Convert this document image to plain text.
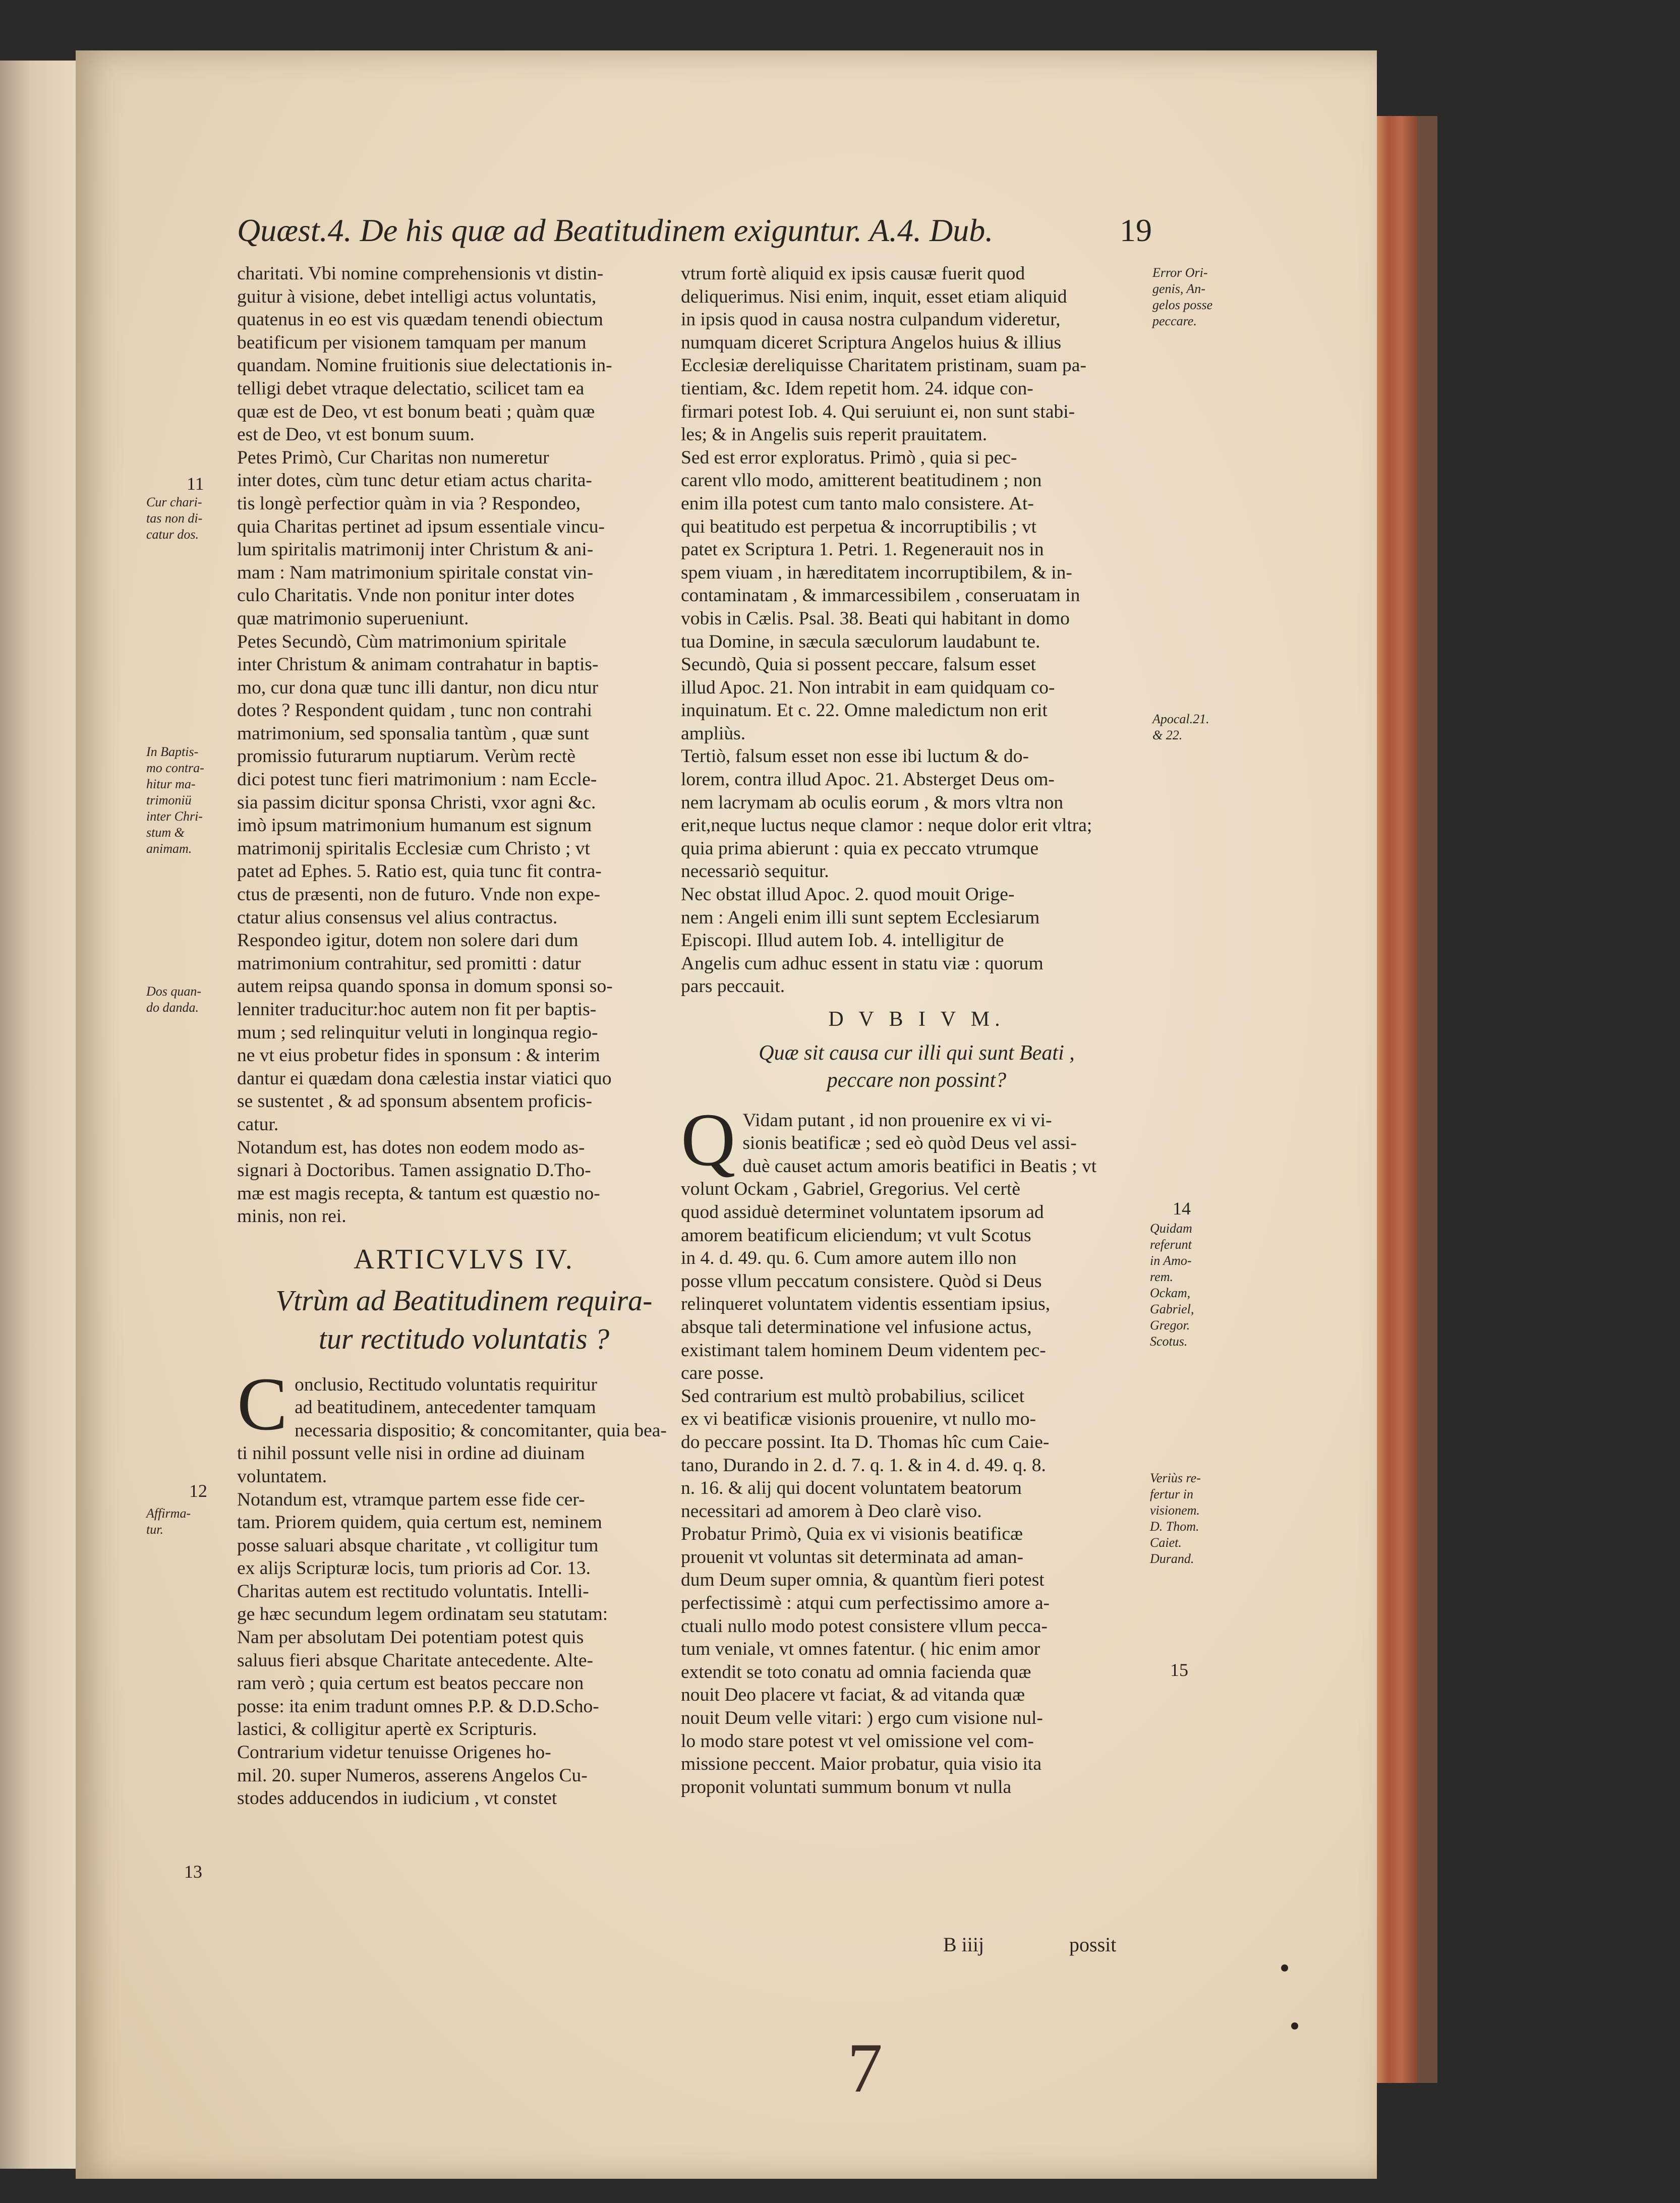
Quæst.4. De his quæ ad Beatitudinem exiguntur. A.4. Dub.	19
charitati. Vbi nomine comprehensionis vt distin-
guitur à visione, debet intelligi actus voluntatis,
quatenus in eo est vis quædam tenendi obiectum
beatificum per visionem tamquam per manum
quandam. Nomine fruitionis siue delectationis in-
telligi debet vtraque delectatio, scilicet tam ea
quæ est de Deo, vt est bonum beati ; quàm quæ
est de Deo, vt est bonum suum.
Petes Primò, Cur Charitas non numeretur
inter dotes, cùm tunc detur etiam actus charita-
tis longè perfectior quàm in via ? Respondeo,
quia Charitas pertinet ad ipsum essentiale vincu-
lum spiritalis matrimonij inter Christum & ani-
mam : Nam matrimonium spiritale constat vin-
culo Charitatis. Vnde non ponitur inter dotes
quæ matrimonio superueniunt.
Petes Secundò, Cùm matrimonium spiritale
inter Christum & animam contrahatur in baptis-
mo, cur dona quæ tunc illi dantur, non dicu ntur
dotes ? Respondent quidam , tunc non contrahi
matrimonium, sed sponsalia tantùm , quæ sunt
promissio futurarum nuptiarum. Verùm rectè
dici potest tunc fieri matrimonium : nam Eccle-
sia passim dicitur sponsa Christi, vxor agni &c.
imò ipsum matrimonium humanum est signum
matrimonij spiritalis Ecclesiæ cum Christo ; vt
patet ad Ephes. 5. Ratio est, quia tunc fit contra-
ctus de præsenti, non de futuro. Vnde non expe-
ctatur alius consensus vel alius contractus.
Respondeo igitur, dotem non solere dari dum
matrimonium contrahitur, sed promitti : datur
autem reipsa quando sponsa in domum sponsi so-
lenniter traducitur:hoc autem non fit per baptis-
mum ; sed relinquitur veluti in longinqua regio-
ne vt eius probetur fides in sponsum : & interim
dantur ei quædam dona cælestia instar viatici quo
se sustentet , & ad sponsum absentem proficis-
catur.
Notandum est, has dotes non eodem modo as-
signari à Doctoribus. Tamen assignatio D.Tho-
mæ est magis recepta, & tantum est quæstio no-
minis, non rei.
ARTICVLVS IV.
Vtrùm ad Beatitudinem requira-
tur rectitudo voluntatis ?
C onclusio, Rectitudo voluntatis requiritur
ad beatitudinem, antecedenter tamquam
necessaria dispositio; & concomitanter, quia bea-
ti nihil possunt velle nisi in ordine ad diuinam
voluntatem.
Notandum est, vtramque partem esse fide cer-
tam. Priorem quidem, quia certum est, neminem
posse saluari absque charitate , vt colligitur tum
ex alijs Scripturæ locis, tum prioris ad Cor. 13.
Charitas autem est rectitudo voluntatis. Intelli-
ge hæc secundum legem ordinatam seu statutam:
Nam per absolutam Dei potentiam potest quis
saluus fieri absque Charitate antecedente. Alte-
ram verò ; quia certum est beatos peccare non
posse: ita enim tradunt omnes P.P. & D.D.Scho-
lastici, & colligitur apertè ex Scripturis.
Contrarium videtur tenuisse Origenes ho-
mil. 20. super Numeros, asserens Angelos Cu-
stodes adducendos in iudicium , vt constet
vtrum fortè aliquid ex ipsis causæ fuerit quod
deliquerimus. Nisi enim, inquit, esset etiam aliquid
in ipsis quod in causa nostra culpandum videretur,
numquam diceret Scriptura Angelos huius & illius
Ecclesiæ dereliquisse Charitatem pristinam, suam pa-
tientiam, &c. Idem repetit hom. 24. idque con-
firmari potest Iob. 4. Qui seruiunt ei, non sunt stabi-
les; & in Angelis suis reperit prauitatem.
Sed est error exploratus. Primò , quia si pec-
carent vllo modo, amitterent beatitudinem ; non
enim illa potest cum tanto malo consistere. At-
qui beatitudo est perpetua & incorruptibilis ; vt
patet ex Scriptura 1. Petri. 1. Regenerauit nos in
spem viuam , in hæreditatem incorruptibilem, & in-
contaminatam , & immarcessibilem , conseruatam in
vobis in Cælis. Psal. 38. Beati qui habitant in domo
tua Domine, in sæcula sæculorum laudabunt te.
Secundò, Quia si possent peccare, falsum esset
illud Apoc. 21. Non intrabit in eam quidquam co-
inquinatum. Et c. 22. Omne maledictum non erit
ampliùs.
Tertiò, falsum esset non esse ibi luctum & do-
lorem, contra illud Apoc. 21. Absterget Deus om-
nem lacrymam ab oculis eorum , & mors vltra non
erit,neque luctus neque clamor : neque dolor erit vltra;
quia prima abierunt : quia ex peccato vtrumque
necessariò sequitur.
Nec obstat illud Apoc. 2. quod mouit Orige-
nem : Angeli enim illi sunt septem Ecclesiarum
Episcopi. Illud autem Iob. 4. intelligitur de
Angelis cum adhuc essent in statu viæ : quorum
pars peccauit.
D V B I V M.
Quæ sit causa cur illi qui sunt Beati ,
peccare non possint?
Q Vidam putant , id non prouenire ex vi vi-
sionis beatificæ ; sed eò quòd Deus vel assi-
duè causet actum amoris beatifici in Beatis ; vt
volunt Ockam , Gabriel, Gregorius. Vel certè
quod assiduè determinet voluntatem ipsorum ad
amorem beatificum eliciendum; vt vult Scotus
in 4. d. 49. qu. 6. Cum amore autem illo non
posse vllum peccatum consistere. Quòd si Deus
relinqueret voluntatem videntis essentiam ipsius,
absque tali determinatione vel infusione actus,
existimant talem hominem Deum videntem pec-
care posse.
Sed contrarium est multò probabilius, scilicet
ex vi beatificæ visionis prouenire, vt nullo mo-
do peccare possint. Ita D. Thomas hîc cum Caie-
tano, Durando in 2. d. 7. q. 1. & in 4. d. 49. q. 8.
n. 16. & alij qui docent voluntatem beatorum
necessitari ad amorem à Deo clarè viso.
Probatur Primò, Quia ex vi visionis beatificæ
prouenit vt voluntas sit determinata ad aman-
dum Deum super omnia, & quantùm fieri potest
perfectissimè : atqui cum perfectissimo amore a-
ctuali nullo modo potest consistere vllum pecca-
tum veniale, vt omnes fatentur. ( hic enim amor
extendit se toto conatu ad omnia facienda quæ
nouit Deo placere vt faciat, & ad vitanda quæ
nouit Deum velle vitari: ) ergo cum visione nul-
lo modo stare potest vt vel omissione vel com-
missione peccent. Maior probatur, quia visio ita
proponit voluntati summum bonum vt nulla
B iiij	possit
11
Cur chari-
tas non di-
catur dos.
In Baptis-
mo contra-
hitur ma-
trimoniü
inter Chri-
stum &
animam.
Dos quan-
do danda.
12
Affirma-
tur.
13
Error Ori-
genis, An-
gelos posse
peccare.
Apocal.21.
& 22.
14
Quidam
referunt
in Amo-
rem.
Ockam,
Gabriel,
Gregor.
Scotus.
Veriùs re-
fertur in
visionem.
D. Thom.
Caiet.
Durand.
15
7
